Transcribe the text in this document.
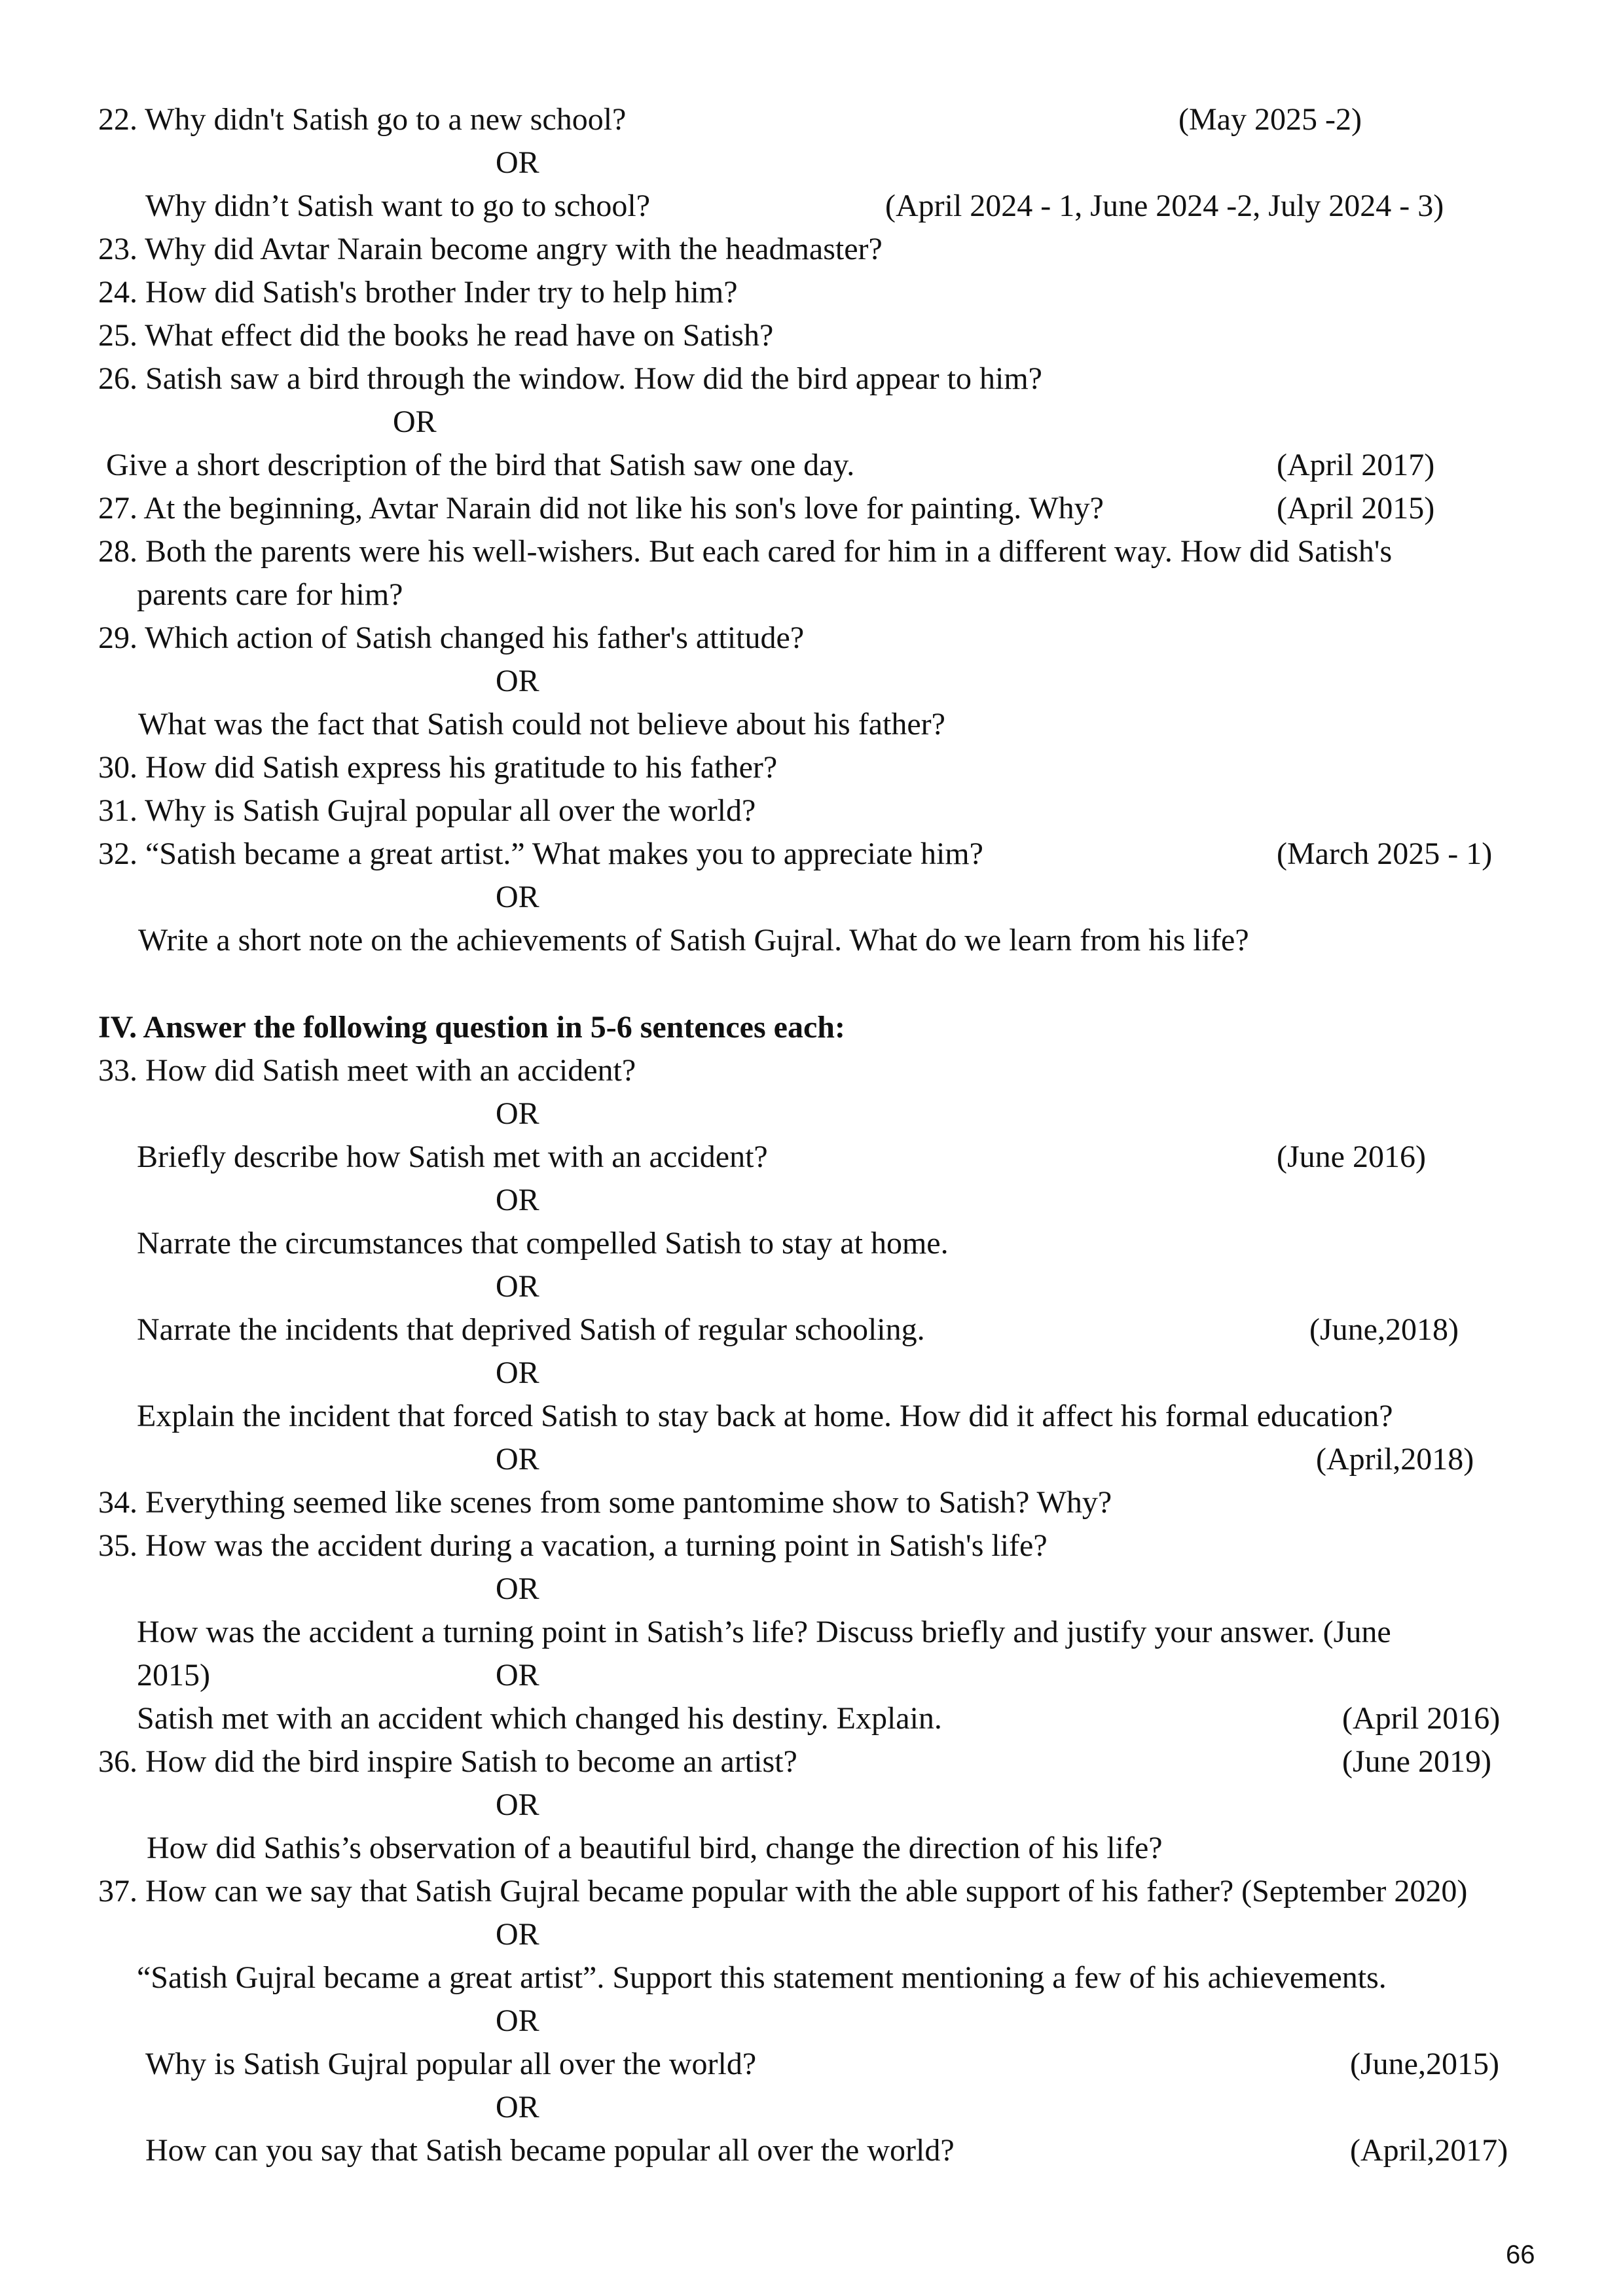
22. Why didn't Satish go to a new school?	(May 2025 -2)
OR
Why didn’t Satish want to go to school?	(April 2024 - 1, June 2024 -2, July 2024 - 3)
23. Why did Avtar Narain become angry with the headmaster?
24. How did Satish's brother Inder try to help him?
25. What effect did the books he read have on Satish?
26. Satish saw a bird through the window. How did the bird appear to him?
OR
Give a short description of the bird that Satish saw one day.	(April 2017)
27. At the beginning, Avtar Narain did not like his son's love for painting. Why?	(April 2015)
28. Both the parents were his well-wishers. But each cared for him in a different way. How did Satish's
parents care for him?
29. Which action of Satish changed his father's attitude?
OR
What was the fact that Satish could not believe about his father?
30. How did Satish express his gratitude to his father?
31. Why is Satish Gujral popular all over the world?
32. “Satish became a great artist.” What makes you to appreciate him?	(March 2025 - 1)
OR
Write a short note on the achievements of Satish Gujral. What do we learn from his life?
IV. Answer the following question in 5-6 sentences each:
33. How did Satish meet with an accident?
OR
Briefly describe how Satish met with an accident?	(June 2016)
OR
Narrate the circumstances that compelled Satish to stay at home.
OR
Narrate the incidents that deprived Satish of regular schooling.	(June,2018)
OR
Explain the incident that forced Satish to stay back at home. How did it affect his formal education?
OR	(April,2018)
34. Everything seemed like scenes from some pantomime show to Satish? Why?
35. How was the accident during a vacation, a turning point in Satish's life?
OR
How was the accident a turning point in Satish’s life? Discuss briefly and justify your answer. (June
2015)	OR
Satish met with an accident which changed his destiny. Explain.	(April 2016)
36. How did the bird inspire Satish to become an artist?	(June 2019)
OR
How did Sathis’s observation of a beautiful bird, change the direction of his life?
37. How can we say that Satish Gujral became popular with the able support of his father? (September 2020)
OR
“Satish Gujral became a great artist”. Support this statement mentioning a few of his achievements.
OR
Why is Satish Gujral popular all over the world?	(June,2015)
OR
How can you say that Satish became popular all over the world?	(April,2017)
66
